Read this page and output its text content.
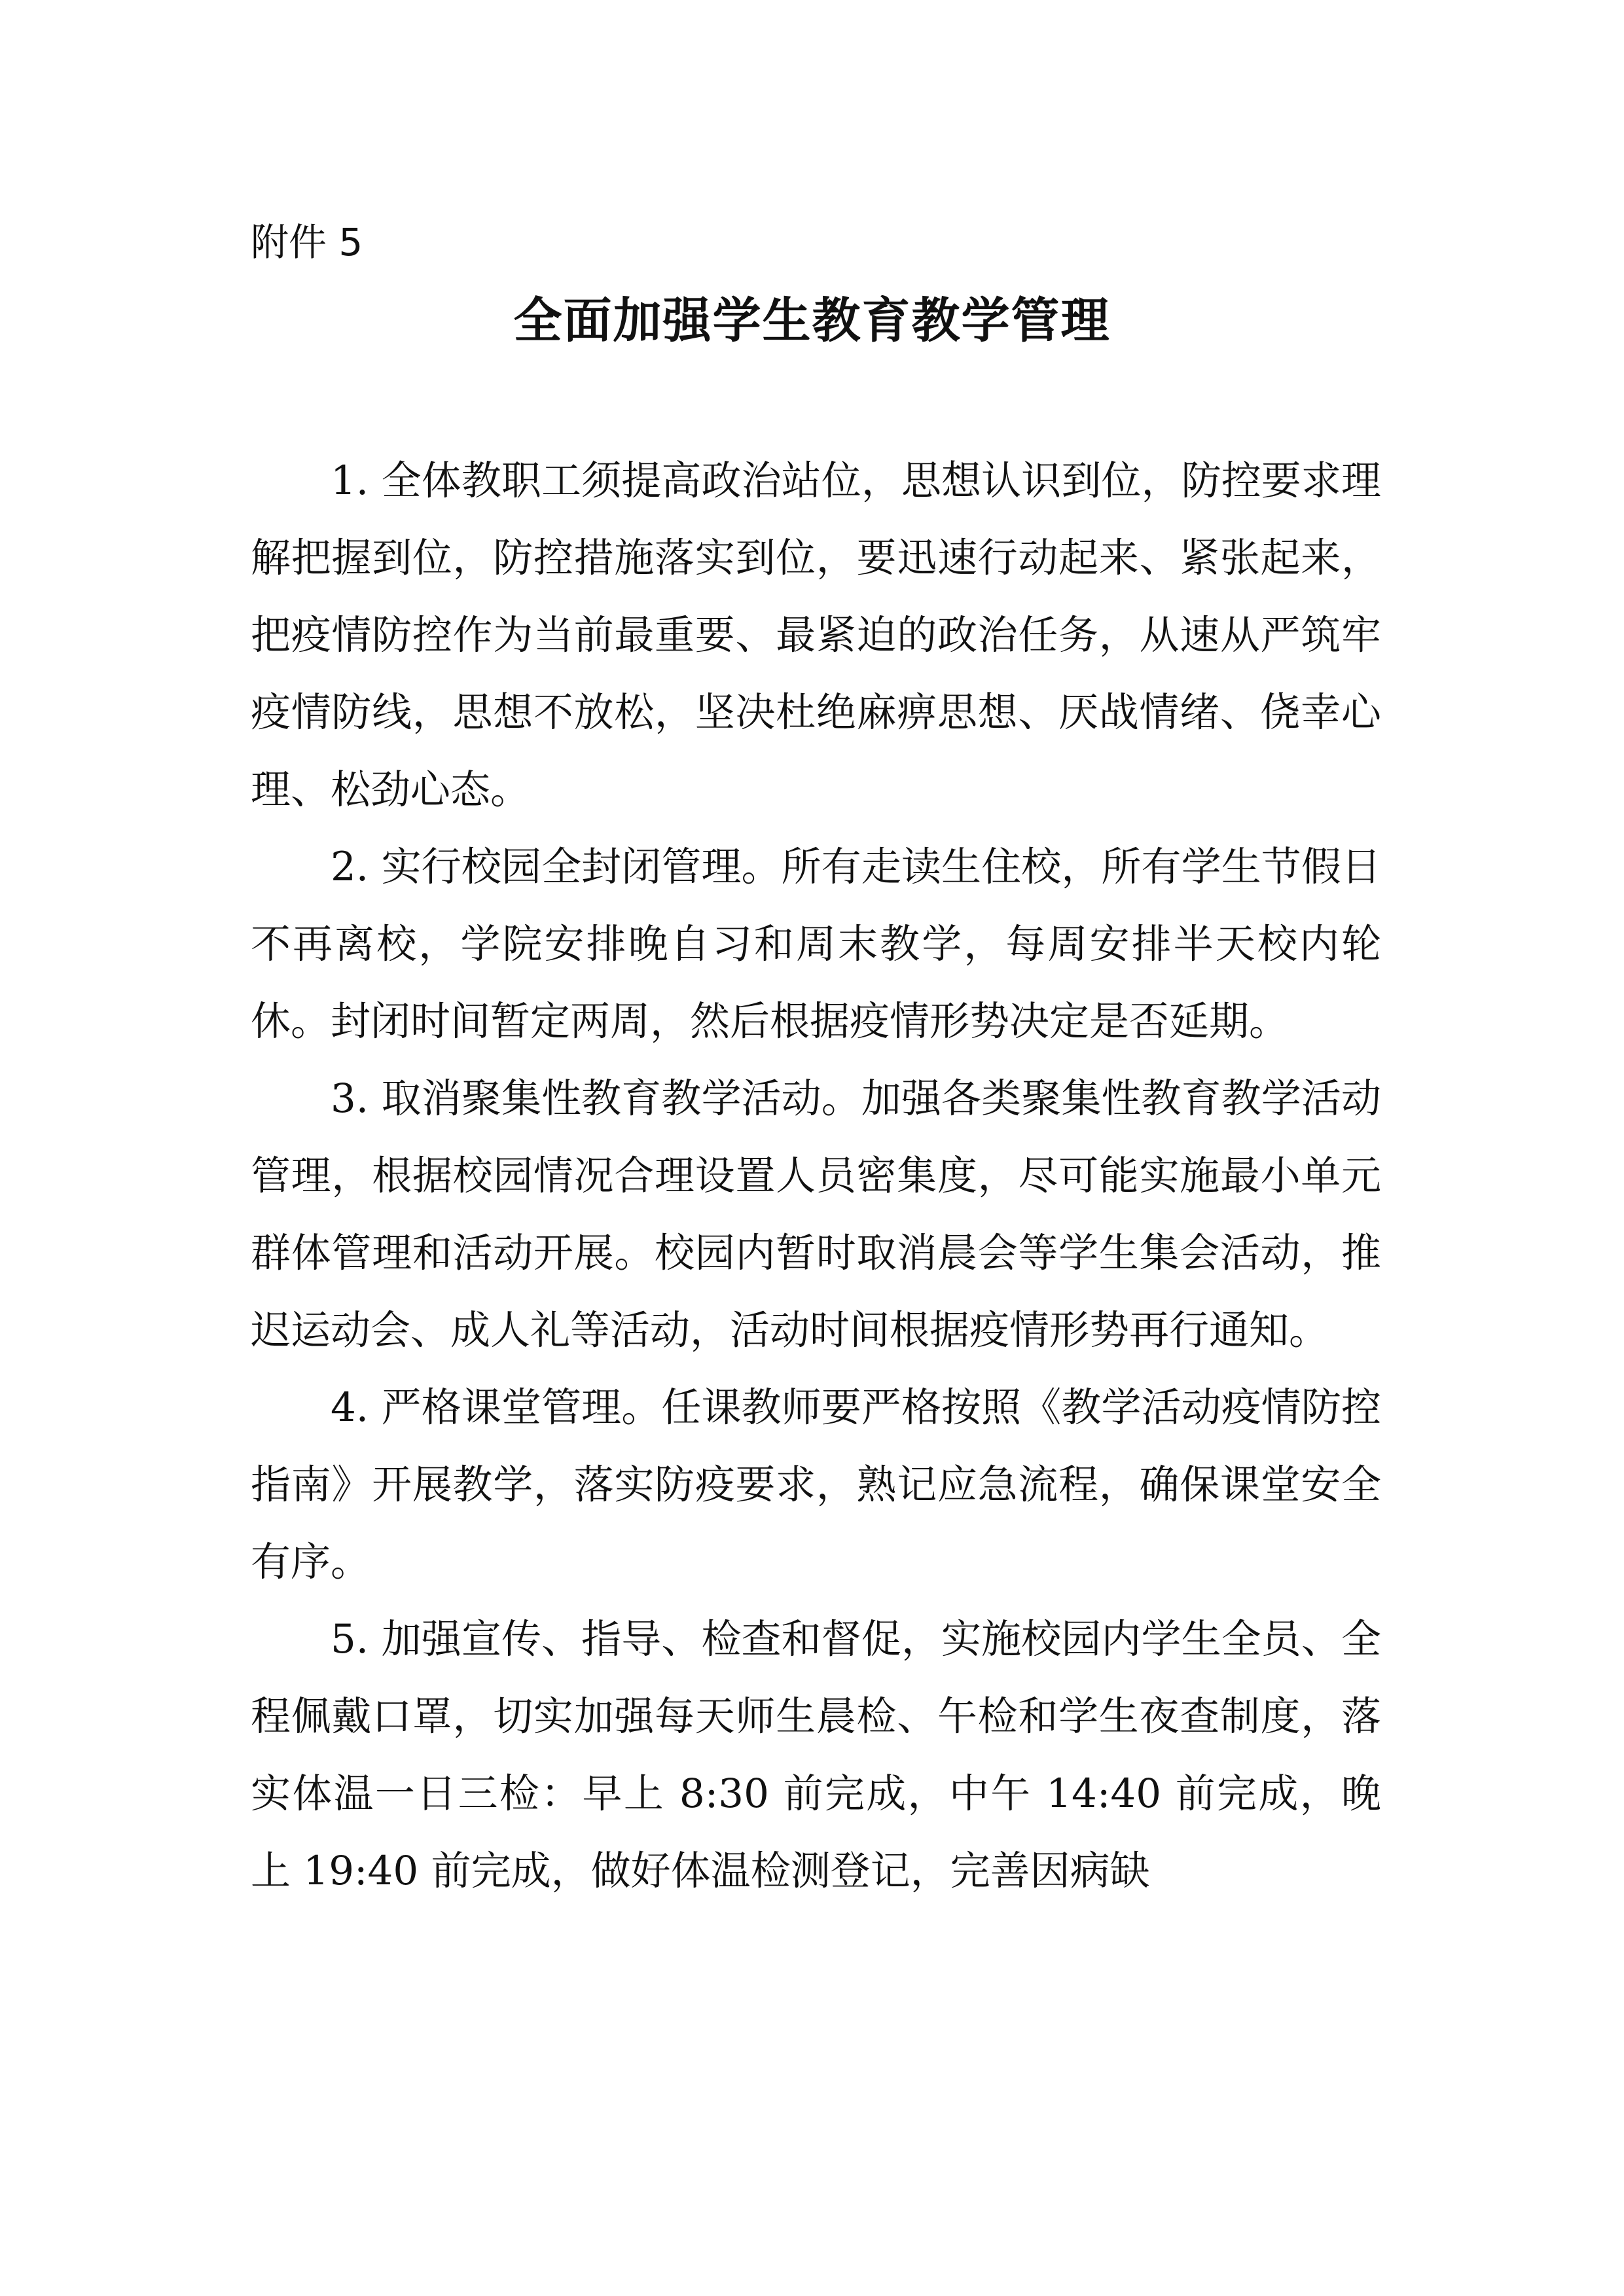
附件 5
全面加强学生教育教学管理

1. 全体教职工须提高政治站位，思想认识到位，防控要求理解把握到位，防控措施落实到位，要迅速行动起来、紧张起来，把疫情防控作为当前最重要、最紧迫的政治任务，从速从严筑牢疫情防线，思想不放松，坚决杜绝麻痹思想、厌战情绪、侥幸心理、松劲心态。

2. 实行校园全封闭管理。所有走读生住校，所有学生节假日不再离校，学院安排晚自习和周末教学，每周安排半天校内轮休。封闭时间暂定两周，然后根据疫情形势决定是否延期。

3. 取消聚集性教育教学活动。加强各类聚集性教育教学活动管理，根据校园情况合理设置人员密集度，尽可能实施最小单元群体管理和活动开展。校园内暂时取消晨会等学生集会活动，推迟运动会、成人礼等活动，活动时间根据疫情形势再行通知。

4. 严格课堂管理。任课教师要严格按照《教学活动疫情防控指南》开展教学，落实防疫要求，熟记应急流程，确保课堂安全有序。

5. 加强宣传、指导、检查和督促，实施校园内学生全员、全程佩戴口罩，切实加强每天师生晨检、午检和学生夜查制度，落实体温一日三检：早上 8:30 前完成，中午 14:40 前完成，晚上 19:40 前完成，做好体温检测登记，完善因病缺
